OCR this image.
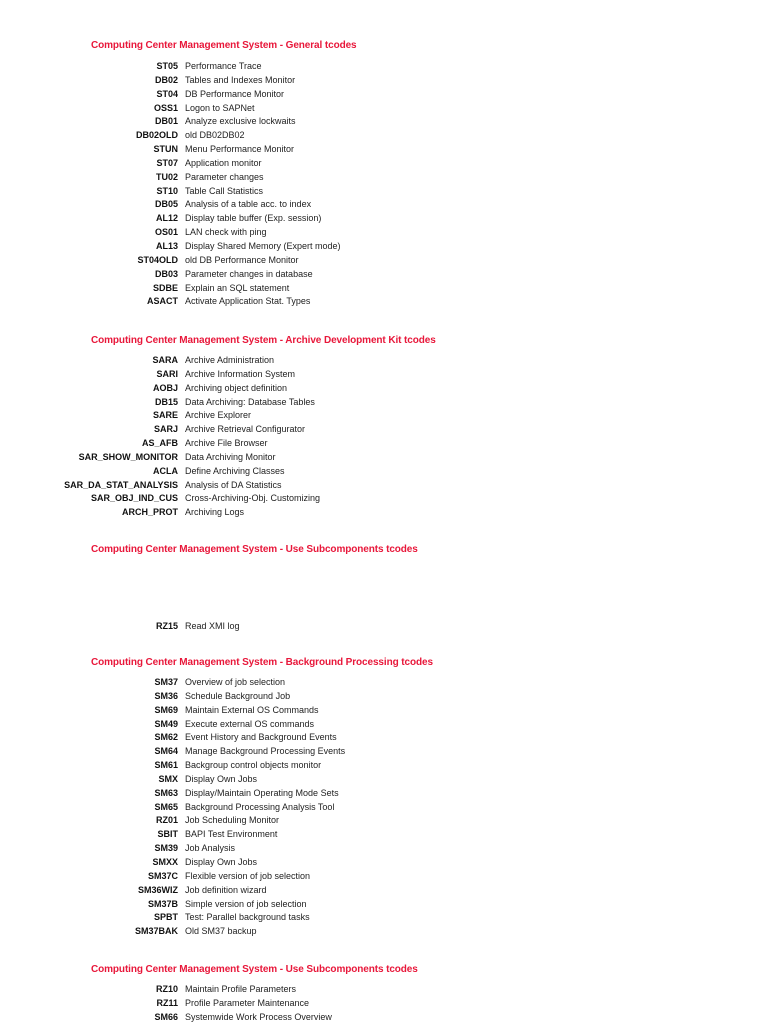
Computing Center Management System - General tcodes
ST05 Performance Trace
DB02 Tables and Indexes Monitor
ST04 DB Performance Monitor
OSS1 Logon to SAPNet
DB01 Analyze exclusive lockwaits
DB02OLD old DB02DB02
STUN Menu Performance Monitor
ST07 Application monitor
TU02 Parameter changes
ST10 Table Call Statistics
DB05 Analysis of a table acc. to index
AL12 Display table buffer (Exp. session)
OS01 LAN check with ping
AL13 Display Shared Memory (Expert mode)
ST04OLD old DB Performance Monitor
DB03 Parameter changes in database
SDBE Explain an SQL statement
ASACT Activate Application Stat. Types
Computing Center Management System - Archive Development Kit tcodes
SARA Archive Administration
SARI Archive Information System
AOBJ Archiving object definition
DB15 Data Archiving: Database Tables
SARE Archive Explorer
SARJ Archive Retrieval Configurator
AS_AFB Archive File Browser
SAR_SHOW_MONITOR Data Archiving Monitor
ACLA Define Archiving Classes
SAR_DA_STAT_ANALYSIS Analysis of DA Statistics
SAR_OBJ_IND_CUS Cross-Archiving-Obj. Customizing
ARCH_PROT Archiving Logs
Computing Center Management System - Use Subcomponents tcodes
RZ15 Read XMI log
Computing Center Management System - Background Processing tcodes
SM37 Overview of job selection
SM36 Schedule Background Job
SM69 Maintain External OS Commands
SM49 Execute external OS commands
SM62 Event History and Background Events
SM64 Manage Background Processing Events
SM61 Backgroup control objects monitor
SMX Display Own Jobs
SM63 Display/Maintain Operating Mode Sets
SM65 Background Processing Analysis Tool
RZ01 Job Scheduling Monitor
SBIT BAPI Test Environment
SM39 Job Analysis
SMXX Display Own Jobs
SM37C Flexible version of job selection
SM36WIZ Job definition wizard
SM37B Simple version of job selection
SPBT Test: Parallel background tasks
SM37BAK Old SM37 backup
Computing Center Management System - Use Subcomponents tcodes
RZ10 Maintain Profile Parameters
RZ11 Profile Parameter Maintenance
SM66 Systemwide Work Process Overview
